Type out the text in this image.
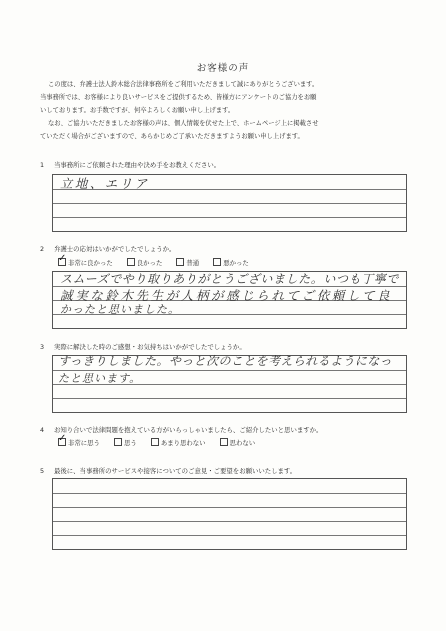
お客様の声
この度は、弁護士法人鈴木総合法律事務所をご利用いただきまして誠にありがとうございます。
当事務所では、お客様により良いサービスをご提供するため、皆様方にアンケートのご協力をお願
いしております。お手数ですが、何卒よろしくお願い申し上げます。
なお、ご協力いただきましたお客様の声は、個人情報を伏せた上で、ホームページ上に掲載させ
ていただく場合がございますので、あらかじめご了承いただきますようお願い申し上げます。
1 当事務所にご依頼された理由や決め手をお教えください。
立地、エリア
2 弁護士の応対はいかがでしたでしょうか。
✓非常に良かった	良かった	普通	悪かった
スムーズでやり取りありがとうございました。いつも丁寧で
誠実な鈴木先生が人柄が感じられてご依頼して良
かったと思いました。
3 実際に解決した時のご感想・お気持ちはいかがでしたでしょうか。
すっきりしました。やっと次のことを考えられるようになっ
たと思います。
4 お知り合いで法律問題を抱えている方がいらっしゃいましたら、ご紹介したいと思いますか。
✓非常に思う	思う	あまり思わない	思わない
5 最後に、当事務所のサービスや接客についてのご意見・ご要望をお願いいたします。
